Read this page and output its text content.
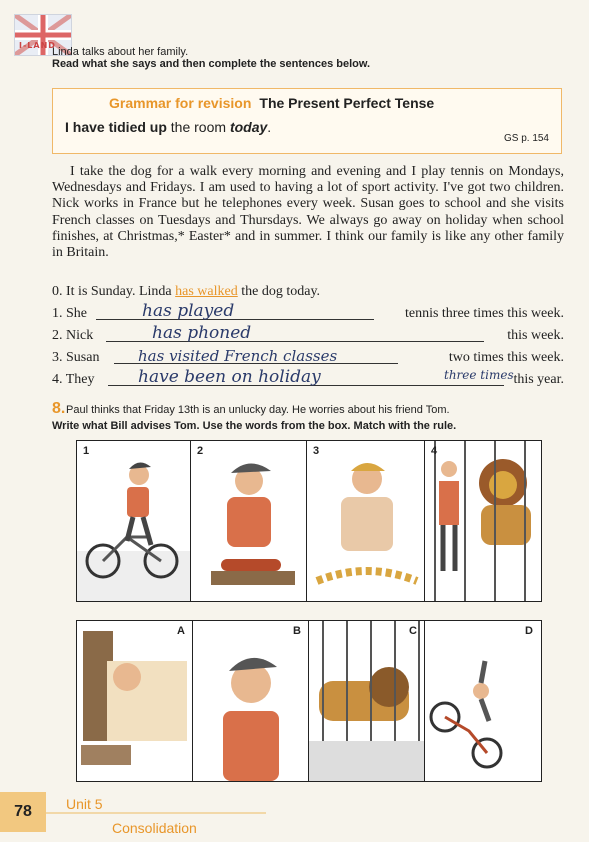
I-LAND
Linda talks about her family.
Read what she says and then complete the sentences below.
Grammar for revision The Present Perfect Tense
I have tidied up the room today.
GS p. 154
I take the dog for a walk every morning and evening and I play tennis on Mondays, Wednesdays and Fridays. I am used to having a lot of sport activity. I've got two children. Nick works in France but he telephones every week. Susan goes to school and she visits French classes on Tuesdays and Thursdays. We always go away on holiday when school finishes, at Christmas,* Easter* and in summer. I think our family is like any other family in Britain.
0. It is Sunday. Linda has walked the dog today.
1. She	has played	tennis three times this week.
2. Nick	has phoned	this week.
3. Susan	has visited French classes	two times this week.
4. They	have been on holiday	three times this year.
8. Paul thinks that Friday 13th is an unlucky day. He worries about his friend Tom.
Write what Bill advises Tom. Use the words from the box. Match with the rule.
1	2	3	4
A	B	C	D
78	Unit 5
Consolidation
